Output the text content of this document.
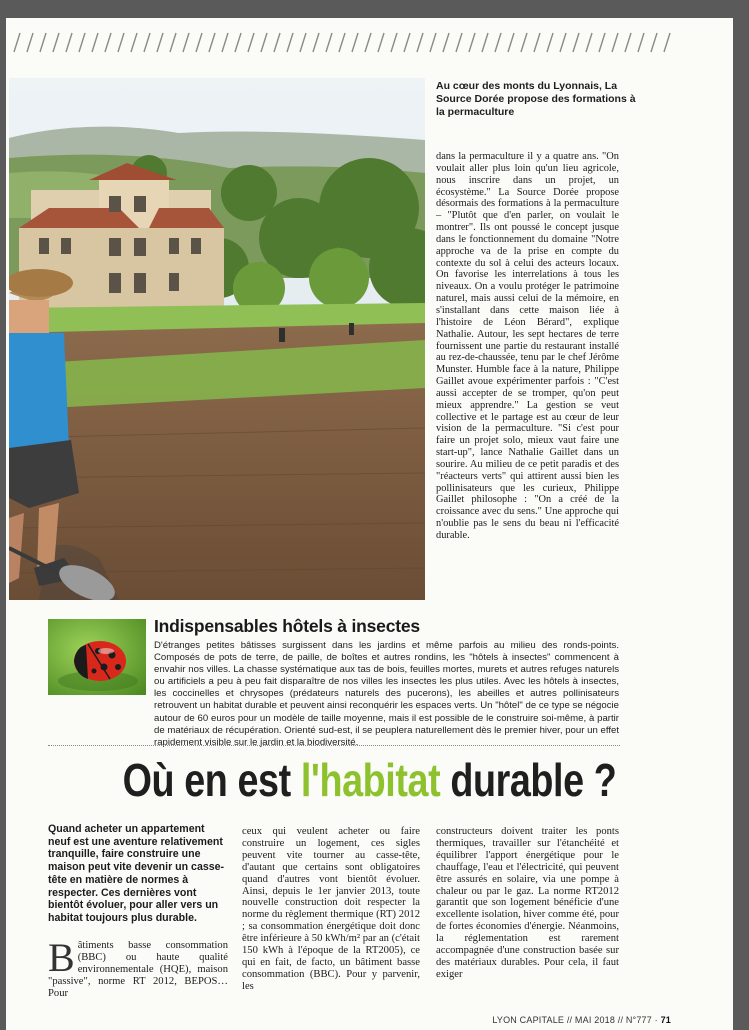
Au cœur des monts du Lyonnais, La Source Dorée propose des formations à la permaculture

dans la permaculture il y a quatre ans. "On voulait aller plus loin qu'un lieu agricole, nous inscrire dans un projet, un écosystème." La Source Dorée propose désormais des formations à la permaculture – "Plutôt que d'en parler, on voulait le montrer". Ils ont poussé le concept jusque dans le fonctionnement du domaine "Notre approche va de la prise en compte du contexte du sol à celui des acteurs locaux. On favorise les interrelations à tous les niveaux. On a voulu protéger le patrimoine naturel, mais aussi celui de la mémoire, en s'installant dans cette maison liée à l'histoire de Léon Bérard", explique Nathalie. Autour, les sept hectares de terre fournissent une partie du restaurant installé au rez-de-chaussée, tenu par le chef Jérôme Munster. Humble face à la nature, Philippe Gaillet avoue expérimenter parfois : "C'est aussi accepter de se tromper, qu'on peut mieux apprendre." La gestion se veut collective et le partage est au cœur de leur vision de la permaculture. "Si c'est pour faire un projet solo, mieux vaut faire une start-up", lance Nathalie Gaillet dans un sourire. Au milieu de ce petit paradis et des "réacteurs verts" qui attirent aussi bien les pollinisateurs que les curieux, Philippe Gaillet philosophe : "On a créé de la croissance avec du sens." Une approche qui n'oublie pas le sens du beau ni l'efficacité durable.

Indispensables hôtels à insectes
D'étranges petites bâtisses surgissent dans les jardins et même parfois au milieu des ronds-points. Composés de pots de terre, de paille, de boîtes et autres rondins, les "hôtels à insectes" commencent à envahir nos villes. La chasse systématique aux tas de bois, feuilles mortes, murets et autres refuges naturels ou artificiels a peu à peu fait disparaître de nos villes les insectes les plus utiles. Avec les hôtels à insectes, les coccinelles et chrysopes (prédateurs naturels des pucerons), les abeilles et autres pollinisateurs retrouvent un habitat durable et peuvent ainsi reconquérir les espaces verts. Un "hôtel" de ce type se négocie autour de 60 euros pour un modèle de taille moyenne, mais il est possible de le construire soi-même, à partir de matériaux de récupération. Orienté sud-est, il se peuplera naturellement dès le premier hiver, pour un effet rapidement visible sur le jardin et la biodiversité.
Où en est l'habitat durable ?
Quand acheter un appartement neuf est une aventure relativement tranquille, faire construire une maison peut vite devenir un casse-tête en matière de normes à respecter. Ces dernières vont bientôt évoluer, pour aller vers un habitat toujours plus durable.
Bâtiments basse consommation (BBC) ou haute qualité environnementale (HQE), maison "passive", norme RT 2012, BEPOS… Pour
ceux qui veulent acheter ou faire construire un logement, ces sigles peuvent vite tourner au casse-tête, d'autant que certains sont obligatoires quand d'autres vont bientôt évoluer. Ainsi, depuis le 1er janvier 2013, toute nouvelle construction doit respecter la norme du règlement thermique (RT) 2012 ; sa consommation énergétique doit donc être inférieure à 50 kWh/m² par an (c'était 150 kWh à l'époque de la RT2005), ce qui en fait, de facto, un bâtiment basse consommation (BBC). Pour y parvenir, les
constructeurs doivent traiter les ponts thermiques, travailler sur l'étanchéité et équilibrer l'apport énergétique pour le chauffage, l'eau et l'électricité, qui peuvent être assurés en solaire, via une pompe à chaleur ou par le gaz. La norme RT2012 garantit que son logement bénéficie d'une excellente isolation, hiver comme été, pour de fortes économies d'énergie. Néanmoins, la réglementation est rarement accompagnée d'une construction basée sur des matériaux durables. Pour cela, il faut exiger
LYON CAPITALE // MAI 2018 // N°777 · 71
